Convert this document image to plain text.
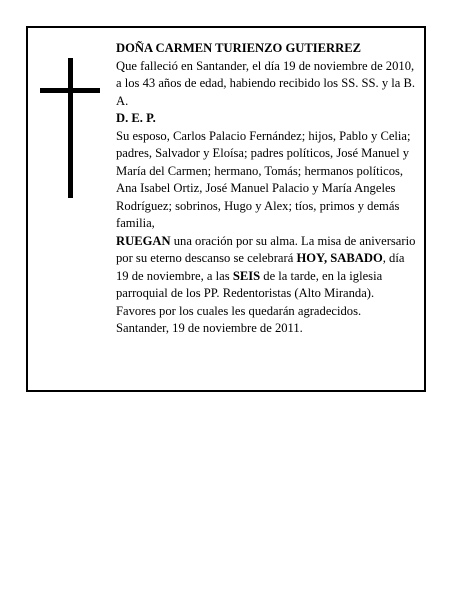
DOÑA CARMEN TURIENZO GUTIERREZ

Que falleció en Santander, el día 19 de noviembre de 2010, a los 43 años de edad, habiendo recibido los SS. SS. y la B. A.

D. E. P.

Su esposo, Carlos Palacio Fernández; hijos, Pablo y Celia; padres, Salvador y Eloísa; padres políticos, José Manuel y María del Carmen; hermano, Tomás; hermanos políticos, Ana Isabel Ortiz, José Manuel Palacio y María Angeles Rodríguez; sobrinos, Hugo y Alex; tíos, primos y demás familia,

RUEGAN una oración por su alma. La misa de aniversario por su eterno descanso se celebrará HOY, SABADO, día 19 de noviembre, a las SEIS de la tarde, en la iglesia parroquial de los PP. Redentoristas (Alto Miranda). Favores por los cuales les quedarán agradecidos.

Santander, 19 de noviembre de 2011.
